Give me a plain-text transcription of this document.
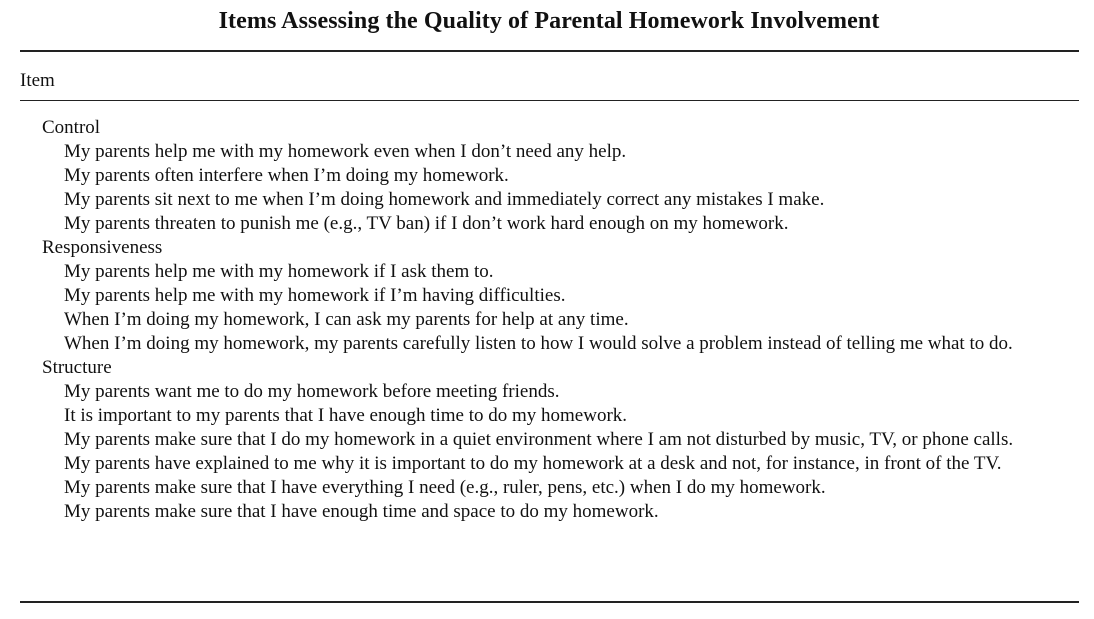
Items Assessing the Quality of Parental Homework Involvement
Item
Control
My parents help me with my homework even when I don’t need any help.
My parents often interfere when I’m doing my homework.
My parents sit next to me when I’m doing homework and immediately correct any mistakes I make.
My parents threaten to punish me (e.g., TV ban) if I don’t work hard enough on my homework.
Responsiveness
My parents help me with my homework if I ask them to.
My parents help me with my homework if I’m having difficulties.
When I’m doing my homework, I can ask my parents for help at any time.
When I’m doing my homework, my parents carefully listen to how I would solve a problem instead of telling me what to do.
Structure
My parents want me to do my homework before meeting friends.
It is important to my parents that I have enough time to do my homework.
My parents make sure that I do my homework in a quiet environment where I am not disturbed by music, TV, or phone calls.
My parents have explained to me why it is important to do my homework at a desk and not, for instance, in front of the TV.
My parents make sure that I have everything I need (e.g., ruler, pens, etc.) when I do my homework.
My parents make sure that I have enough time and space to do my homework.
